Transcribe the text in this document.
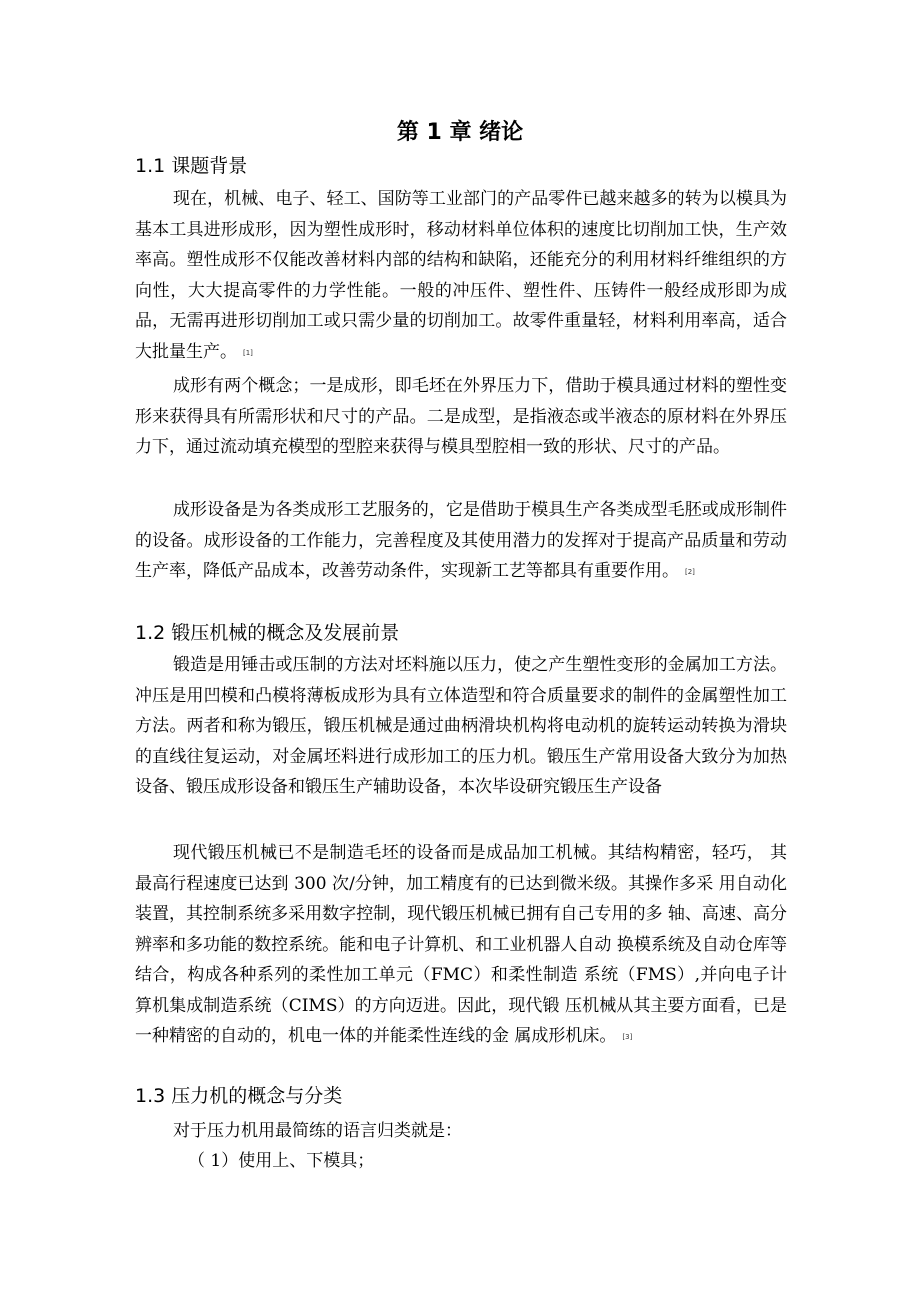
第 1 章 绪论
1.1 课题背景

现在，机械、电子、轻工、国防等工业部门的产品零件已越来越多的转为以模具为基本工具进形成形，因为塑性成形时，移动材料单位体积的速度比切削加工快，生产效率高。塑性成形不仅能改善材料内部的结构和缺陷，还能充分的利用材料纤维组织的方向性，大大提高零件的力学性能。一般的冲压件、塑性件、压铸件一般经成形即为成品，无需再进形切削加工或只需少量的切削加工。故零件重量轻，材料利用率高，适合大批量生产。 [1]

成形有两个概念；一是成形，即毛坯在外界压力下，借助于模具通过材料的塑性变形来获得具有所需形状和尺寸的产品。二是成型，是指液态或半液态的原材料在外界压力下，通过流动填充模型的型腔来获得与模具型腔相一致的形状、尺寸的产品。

成形设备是为各类成形工艺服务的，它是借助于模具生产各类成型毛胚或成形制件的设备。成形设备的工作能力，完善程度及其使用潜力的发挥对于提高产品质量和劳动生产率，降低产品成本，改善劳动条件，实现新工艺等都具有重要作用。 [2]

1.2 锻压机械的概念及发展前景

锻造是用锤击或压制的方法对坯料施以压力，使之产生塑性变形的金属加工方法。冲压是用凹模和凸模将薄板成形为具有立体造型和符合质量要求的制件的金属塑性加工方法。两者和称为锻压，锻压机械是通过曲柄滑块机构将电动机的旋转运动转换为滑块的直线往复运动，对金属坯料进行成形加工的压力机。锻压生产常用设备大致分为加热设备、锻压成形设备和锻压生产辅助设备，本次毕设研究锻压生产设备

现代锻压机械已不是制造毛坯的设备而是成品加工机械。其结构精密，轻巧， 其最高行程速度已达到 300 次/分钟，加工精度有的已达到微米级。其操作多采 用自动化装置，其控制系统多采用数字控制，现代锻压机械已拥有自己专用的多 轴、高速、高分辨率和多功能的数控系统。能和电子计算机、和工业机器人自动 换模系统及自动仓库等结合，构成各种系列的柔性加工单元（FMC）和柔性制造 系统（FMS）,并向电子计算机集成制造系统（CIMS）的方向迈进。因此，现代锻 压机械从其主要方面看，已是一种精密的自动的，机电一体的并能柔性连线的金 属成形机床。 [3]

1.3 压力机的概念与分类

对于压力机用最简练的语言归类就是：

（ 1）使用上、下模具；
